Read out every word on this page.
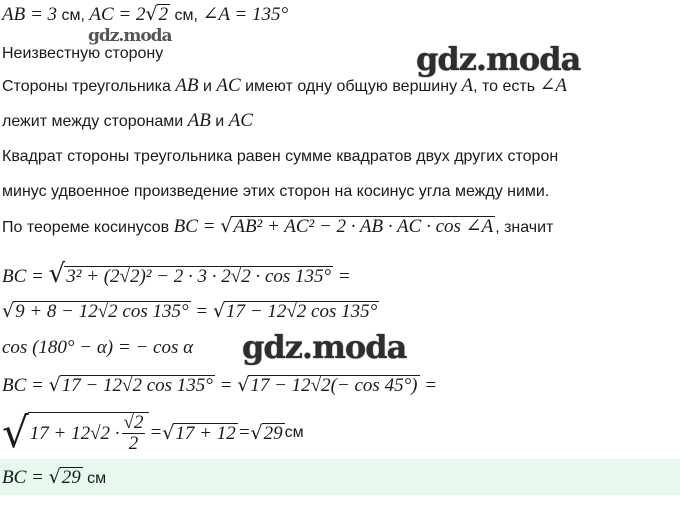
AB = 3 см, AC = 2√2 см, ∠A = 135°
gdz.moda
Неизвестную сторону	gdz.moda
Стороны треугольника AB и AC имеют одну общую вершину A, то есть ∠A
лежит между сторонами AB и AC
Квадрат стороны треугольника равен сумме квадратов двух других сторон
минус удвоенное произведение этих сторон на косинус угла между ними.
По теореме косинусов BC = √AB² + AC² − 2 · AB · AC · cos ∠A , значит
BC = √3² + (2√2)² − 2 · 3 · 2√2 · cos 135° =
√9 + 8 − 12√2 cos 135° = √17 − 12√2 cos 135°
cos (180° − α) = − cos α gdz.moda
BC = √17 − 12√2 cos 135° = √17 − 12√2(− cos 45°) =
√ $17 + 12√2 \cdot \frac{√2}{2}$ = √ 17 + 12 = √ 29 см
BC = √29 см
